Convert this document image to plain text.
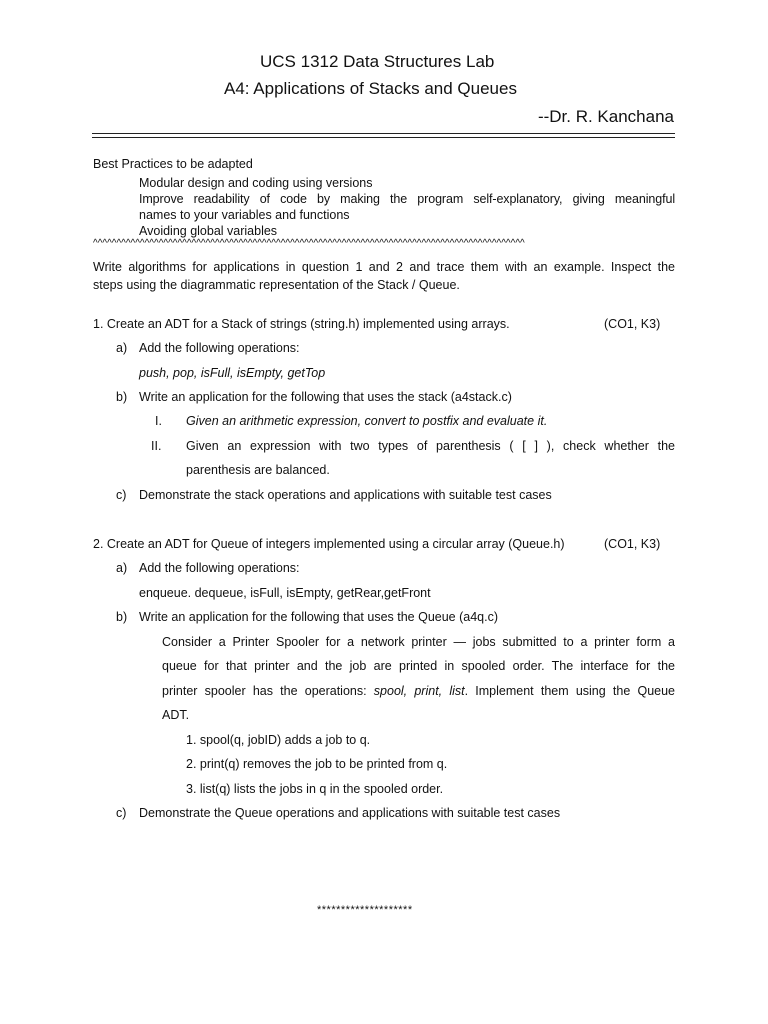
UCS 1312 Data Structures Lab
A4: Applications of Stacks and Queues
--Dr. R. Kanchana
Best Practices to be adapted
Modular design and coding using versions
Improve readability of code by making the program self-explanatory, giving meaningful
names to your variables and functions
Avoiding global variables
^^^^^^^^^^^^^^^^^^^^^^^^^^^^^^^^^^^^^^^^^^^^^^^^^^^^^^^^^^^^^^^^^^^^^^^^^^^^^^^^^^^^^^^^^^^^
Write algorithms for applications in question 1 and 2 and trace them with an example. Inspect the
steps using the diagrammatic representation of the Stack / Queue.
1. Create an ADT for a Stack of strings (string.h) implemented using arrays.	(CO1, K3)
a) Add the following operations:
push, pop, isFull, isEmpty, getTop
b) Write an application for the following that uses the stack (a4stack.c)
I. Given an arithmetic expression, convert to postfix and evaluate it.
II. Given an expression with two types of parenthesis ( [ ] ), check whether the
parenthesis are balanced.
c) Demonstrate the stack operations and applications with suitable test cases
2. Create an ADT for Queue of integers implemented using a circular array (Queue.h)	(CO1, K3)
a) Add the following operations:
enqueue. dequeue, isFull, isEmpty, getRear,getFront
b) Write an application for the following that uses the Queue (a4q.c)
Consider a Printer Spooler for a network printer — jobs submitted to a printer form a
queue for that printer and the job are printed in spooled order. The interface for the
printer spooler has the operations: spool, print, list. Implement them using the Queue
ADT.
1. spool(q, jobID) adds a job to q.
2. print(q) removes the job to be printed from q.
3. list(q) lists the jobs in q in the spooled order.
c) Demonstrate the Queue operations and applications with suitable test cases
********************
